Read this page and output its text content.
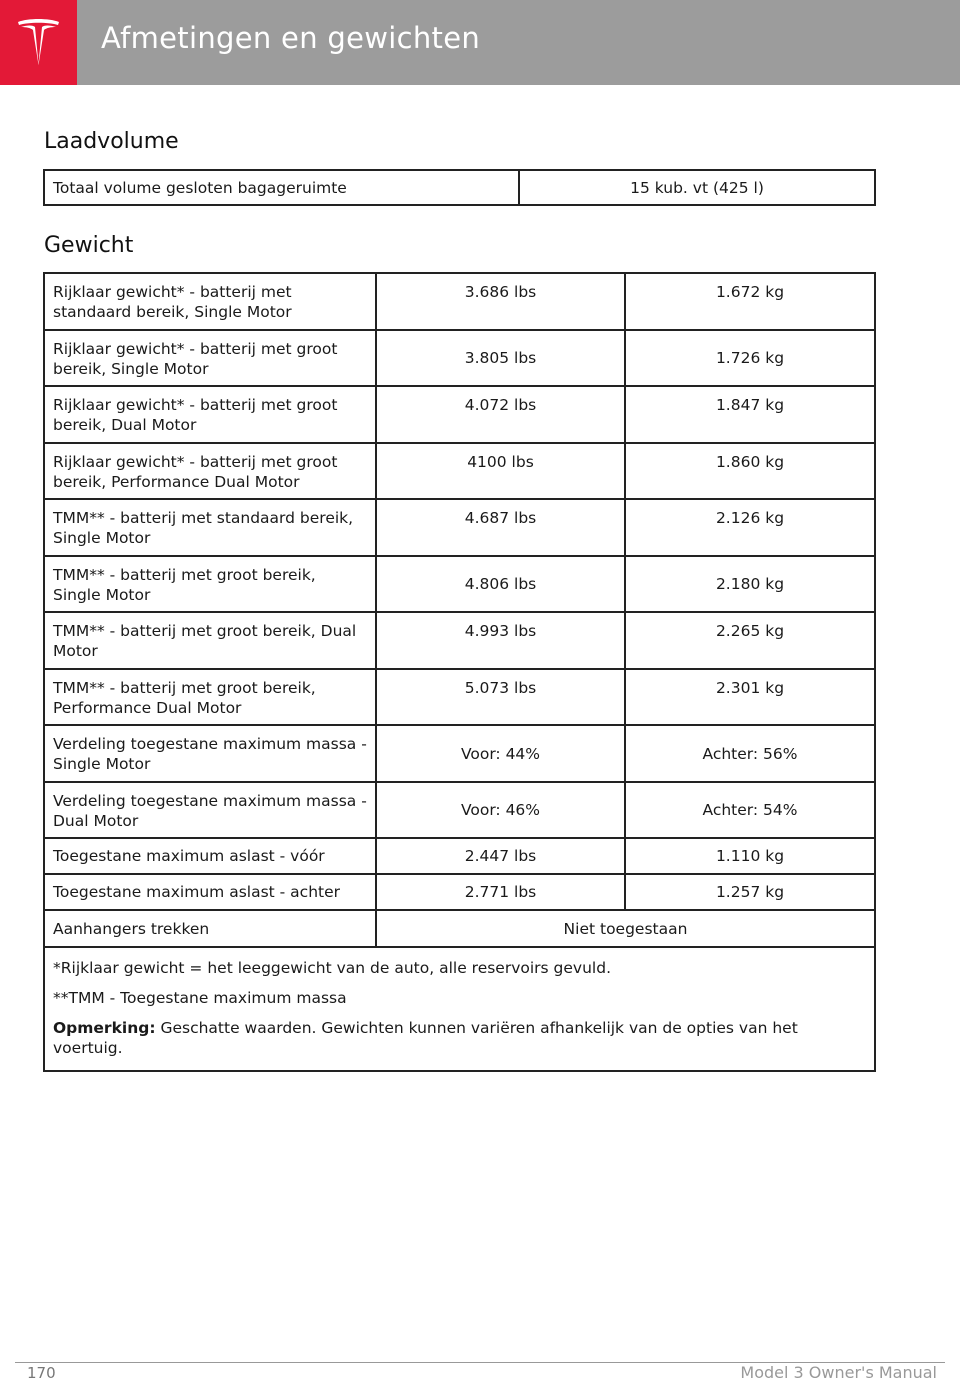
Afmetingen en gewichten
Laadvolume
Totaal volume gesloten bagageruimte	15 kub. vt (425 l)
Gewicht
Rijklaar gewicht* - batterij met standaard bereik, Single Motor	3.686 lbs	1.672 kg
Rijklaar gewicht* - batterij met groot bereik, Single Motor	3.805 lbs	1.726 kg
Rijklaar gewicht* - batterij met groot bereik, Dual Motor	4.072 lbs	1.847 kg
Rijklaar gewicht* - batterij met groot bereik, Performance Dual Motor	4100 lbs	1.860 kg
TMM** - batterij met standaard bereik, Single Motor	4.687 lbs	2.126 kg
TMM** - batterij met groot bereik, Single Motor	4.806 lbs	2.180 kg
TMM** - batterij met groot bereik, Dual Motor	4.993 lbs	2.265 kg
TMM** - batterij met groot bereik, Performance Dual Motor	5.073 lbs	2.301 kg
Verdeling toegestane maximum massa - Single Motor	Voor: 44%	Achter: 56%
Verdeling toegestane maximum massa - Dual Motor	Voor: 46%	Achter: 54%
Toegestane maximum aslast - vóór	2.447 lbs	1.110 kg
Toegestane maximum aslast - achter	2.771 lbs	1.257 kg
Aanhangers trekken	Niet toegestaan	

*Rijklaar gewicht = het leeggewicht van de auto, alle reservoirs gevuld.

**TMM - Toegestane maximum massa

Opmerking: Geschatte waarden. Gewichten kunnen variëren afhankelijk van de opties van het voertuig.		

170	Model 3 Owner's Manual
